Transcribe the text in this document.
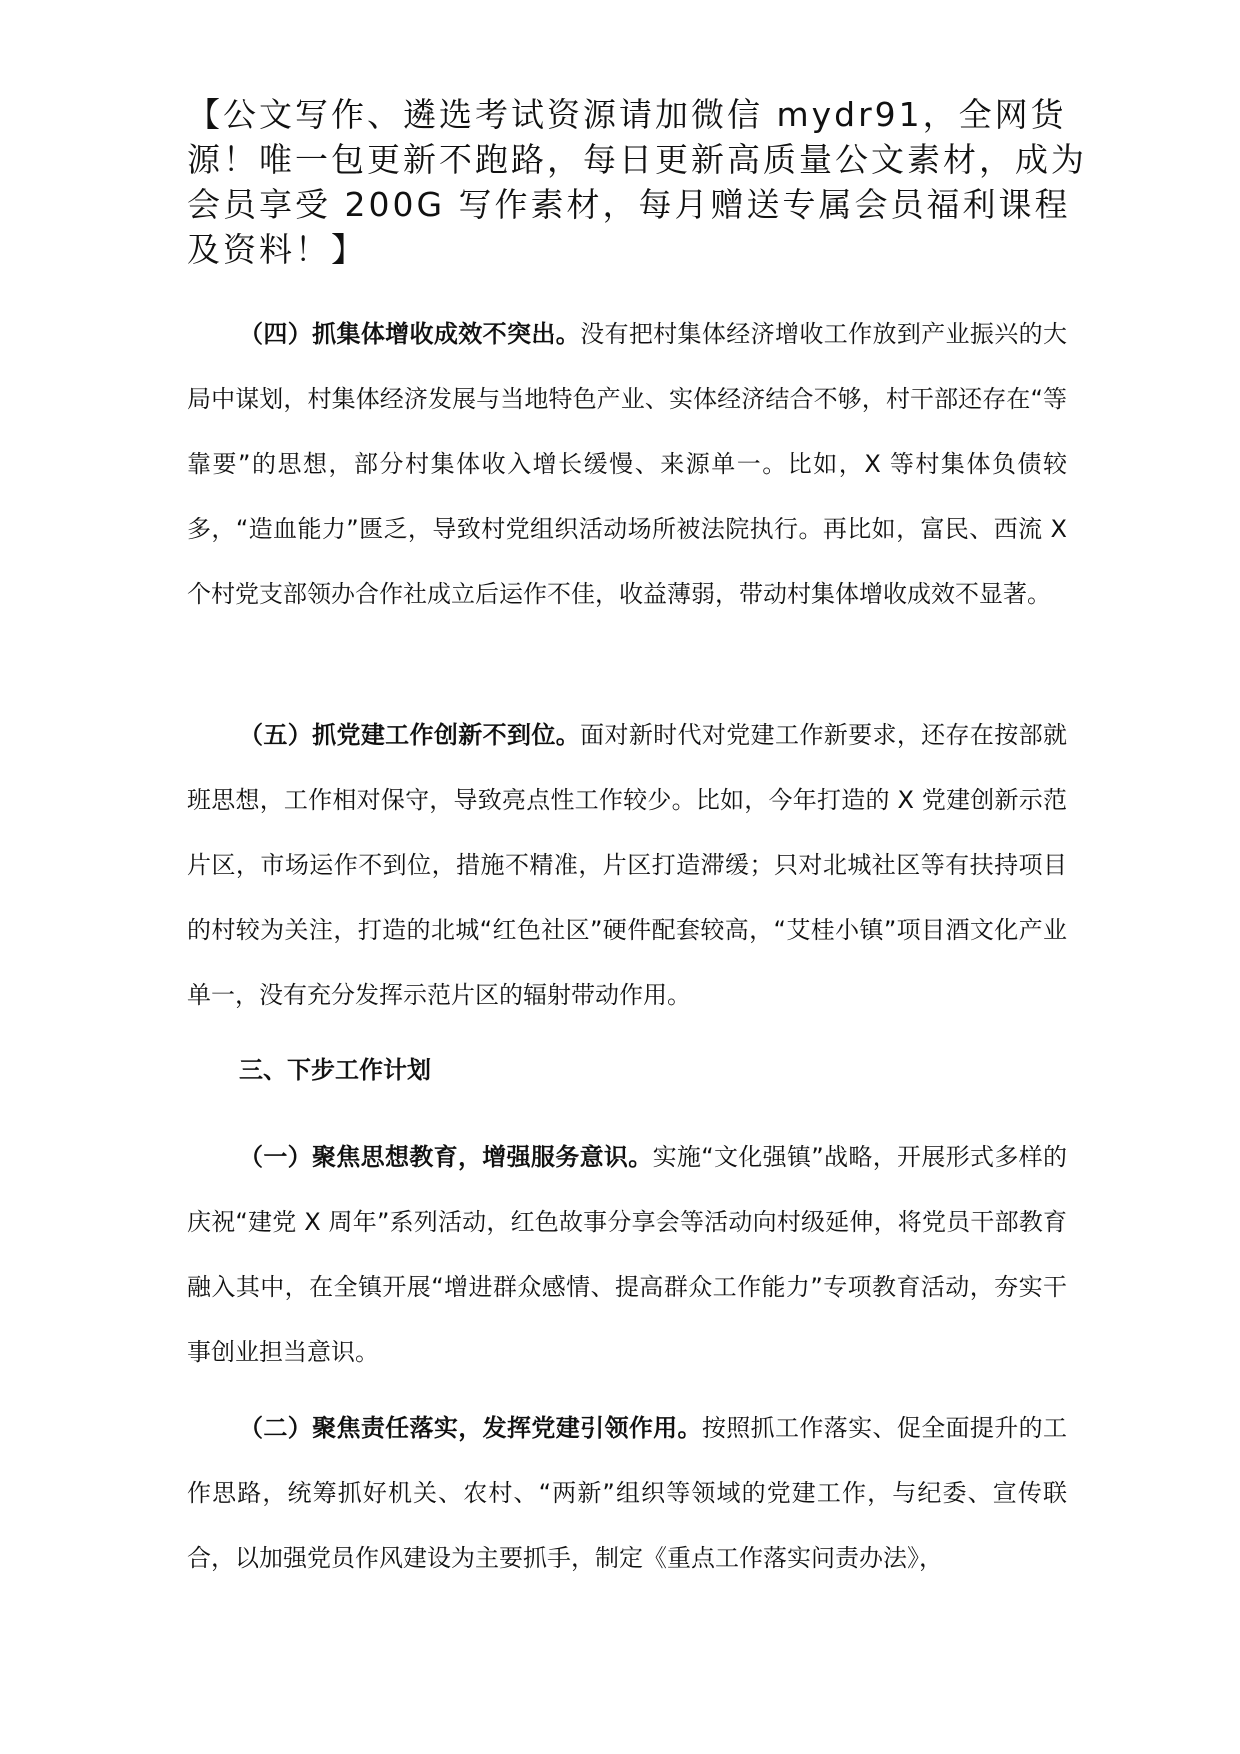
【公文写作、遴选考试资源请加微信 mydr91，全网货源！唯一包更新不跑路，每日更新高质量公文素材，成为会员享受 200G 写作素材，每月赠送专属会员福利课程及资料！】

（四）抓集体增收成效不突出。没有把村集体经济增收工作放到产业振兴的大局中谋划，村集体经济发展与当地特色产业、实体经济结合不够，村干部还存在“等靠要”的思想，部分村集体收入增长缓慢、来源单一。比如，X 等村集体负债较多，“造血能力”匮乏，导致村党组织活动场所被法院执行。再比如，富民、西流 X 个村党支部领办合作社成立后运作不佳，收益薄弱，带动村集体增收成效不显著。

（五）抓党建工作创新不到位。面对新时代对党建工作新要求，还存在按部就班思想，工作相对保守，导致亮点性工作较少。比如，今年打造的 X 党建创新示范片区，市场运作不到位，措施不精准，片区打造滞缓；只对北城社区等有扶持项目的村较为关注，打造的北城“红色社区”硬件配套较高，“艾桂小镇”项目酒文化产业单一，没有充分发挥示范片区的辐射带动作用。

三、下步工作计划

（一）聚焦思想教育，增强服务意识。实施“文化强镇”战略，开展形式多样的庆祝“建党 X 周年”系列活动，红色故事分享会等活动向村级延伸，将党员干部教育融入其中，在全镇开展“增进群众感情、提高群众工作能力”专项教育活动，夯实干事创业担当意识。

（二）聚焦责任落实，发挥党建引领作用。按照抓工作落实、促全面提升的工作思路，统筹抓好机关、农村、“两新”组织等领域的党建工作，与纪委、宣传联合，以加强党员作风建设为主要抓手，制定《重点工作落实问责办法》，
